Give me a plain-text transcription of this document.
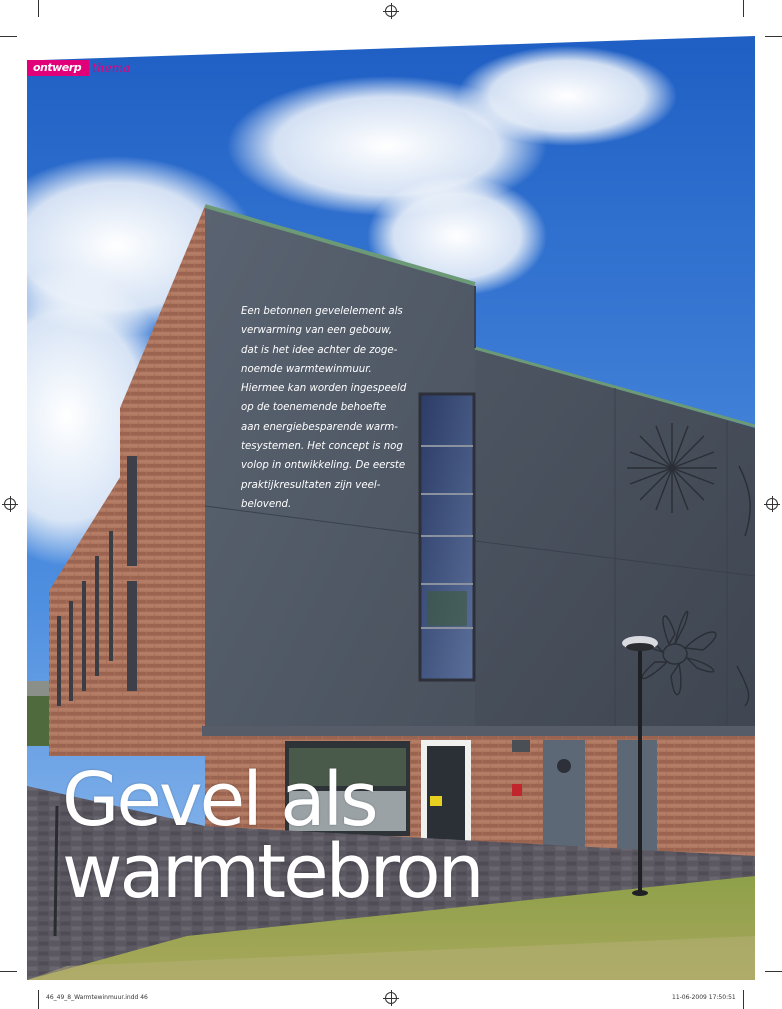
ontwerp thema
Een betonnen gevelelement als
verwarming van een gebouw,
dat is het idee achter de zoge-
noemde warmtewinmuur.
Hiermee kan worden ingespeeld
op de toenemende behoefte
aan energiebesparende warm-
tesystemen. Het concept is nog
volop in ontwikkeling. De eerste
praktijkresultaten zijn veel-
belovend.
Gevel als
warmtebron
46_49_8_Warmtewinmuur.indd 46	11-06-2009 17:50:51
